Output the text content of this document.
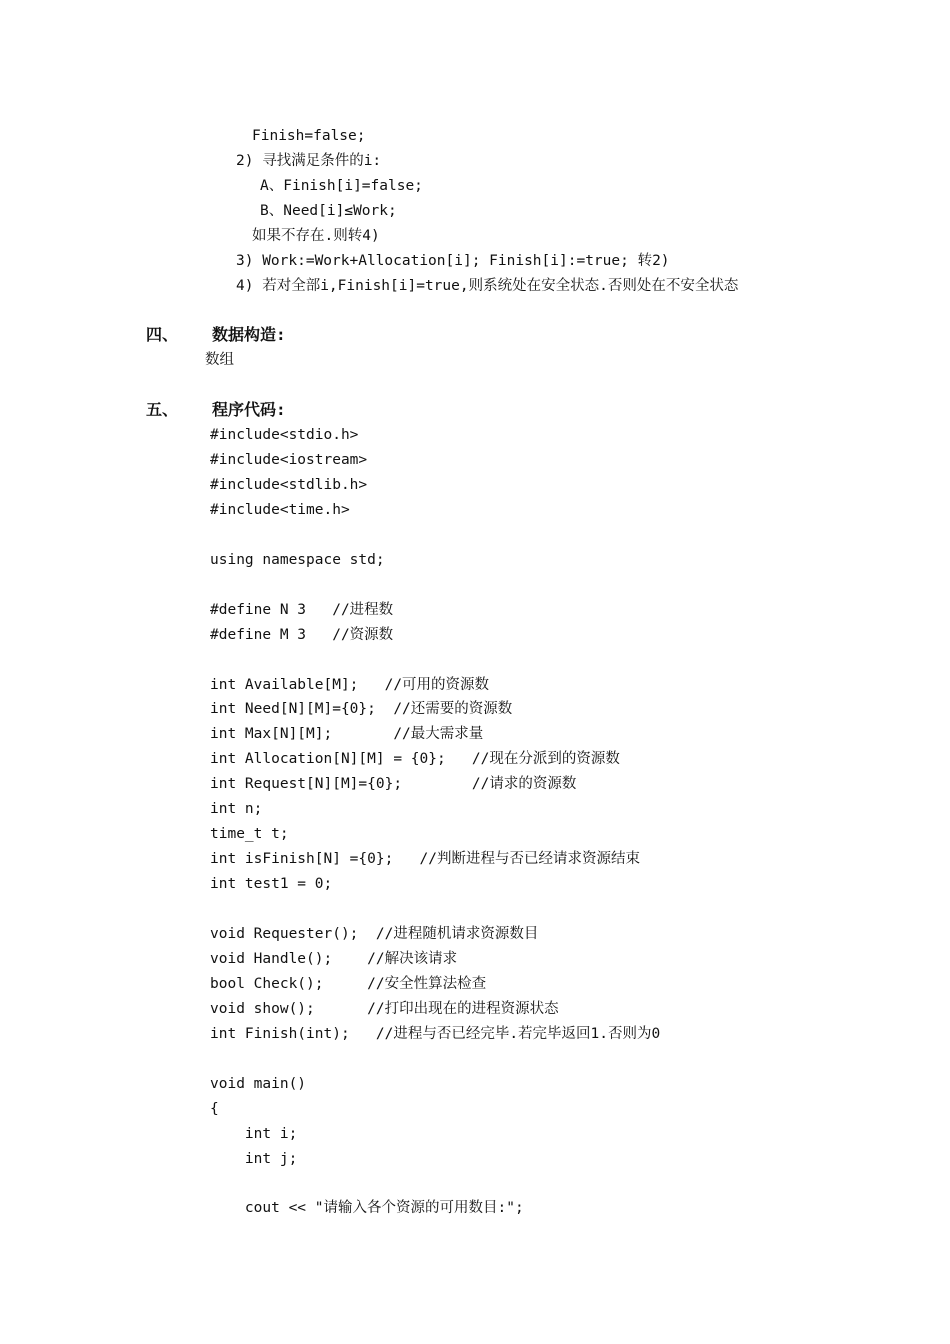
Finish=false;
2) 寻找满足条件的i:
A、Finish[i]=false;
B、Need[i]≤Work;
如果不存在.则转4)
3) Work:=Work+Allocation[i]; Finish[i]:=true; 转2)
4) 若对全部i,Finish[i]=true,则系统处在安全状态.否则处在不安全状态
四、 数据构造:
数组
五、 程序代码:
#include<stdio.h>
#include<iostream>
#include<stdlib.h>
#include<time.h>
using namespace std;
#define N 3   //进程数
#define M 3   //资源数
int Available[M];   //可用的资源数
int Need[N][M]={0};  //还需要的资源数
int Max[N][M];       //最大需求量
int Allocation[N][M] = {0};   //现在分派到的资源数
int Request[N][M]={0};        //请求的资源数
int n;
time_t t;
int isFinish[N] ={0};   //判断进程与否已经请求资源结束
int test1 = 0;
void Requester();  //进程随机请求资源数目
void Handle();    //解决该请求
bool Check();     //安全性算法检查
void show();      //打印出现在的进程资源状态
int Finish(int);   //进程与否已经完毕.若完毕返回1.否则为0
void main()
{
int i;
int j;
cout << "请输入各个资源的可用数目:";
